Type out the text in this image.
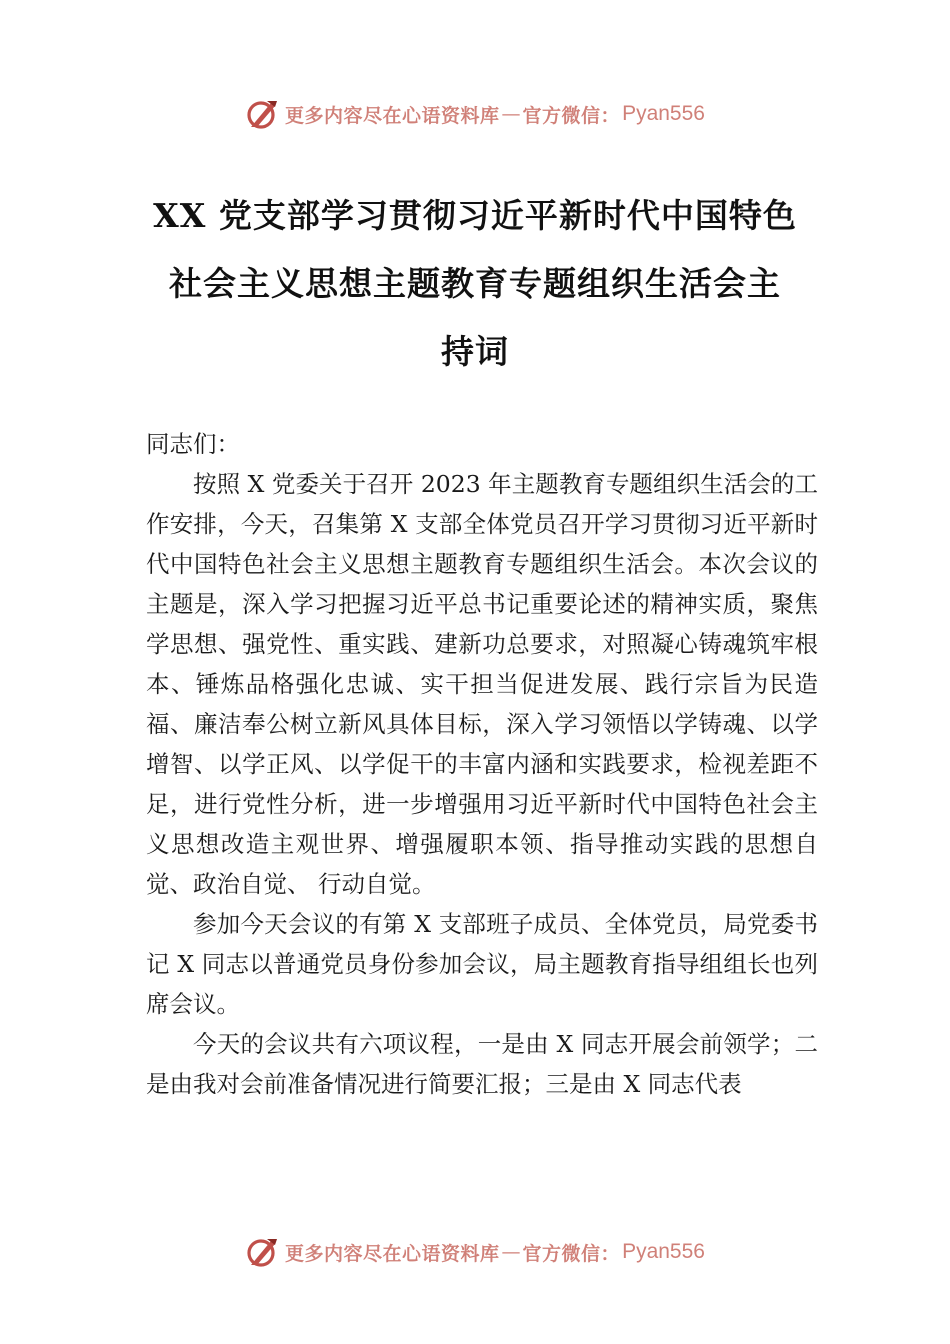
更多内容尽在心语资料库 — 官方微信： Pyan556
XX 党支部学习贯彻习近平新时代中国特色
社会主义思想主题教育专题组织生活会主
持词

同志们：

按照 X 党委关于召开 2023 年主题教育专题组织生活会的工作安排，今天，召集第 X 支部全体党员召开学习贯彻习近平新时代中国特色社会主义思想主题教育专题组织生活会。本次会议的主题是，深入学习把握习近平总书记重要论述的精神实质，聚焦学思想、强党性、重实践、建新功总要求，对照凝心铸魂筑牢根本、锤炼品格强化忠诚、实干担当促进发展、践行宗旨为民造福、廉洁奉公树立新风具体目标，深入学习领悟以学铸魂、以学增智、以学正风、以学促干的丰富内涵和实践要求，检视差距不足，进行党性分析，进一步增强用习近平新时代中国特色社会主义思想改造主观世界、增强履职本领、指导推动实践的思想自觉、政治自觉、 行动自觉。

参加今天会议的有第 X 支部班子成员、全体党员，局党委书记 X 同志以普通党员身份参加会议，局主题教育指导组组长也列席会议。

今天的会议共有六项议程，一是由 X 同志开展会前领学；二是由我对会前准备情况进行简要汇报；三是由 X 同志代表

更多内容尽在心语资料库 — 官方微信： Pyan556
